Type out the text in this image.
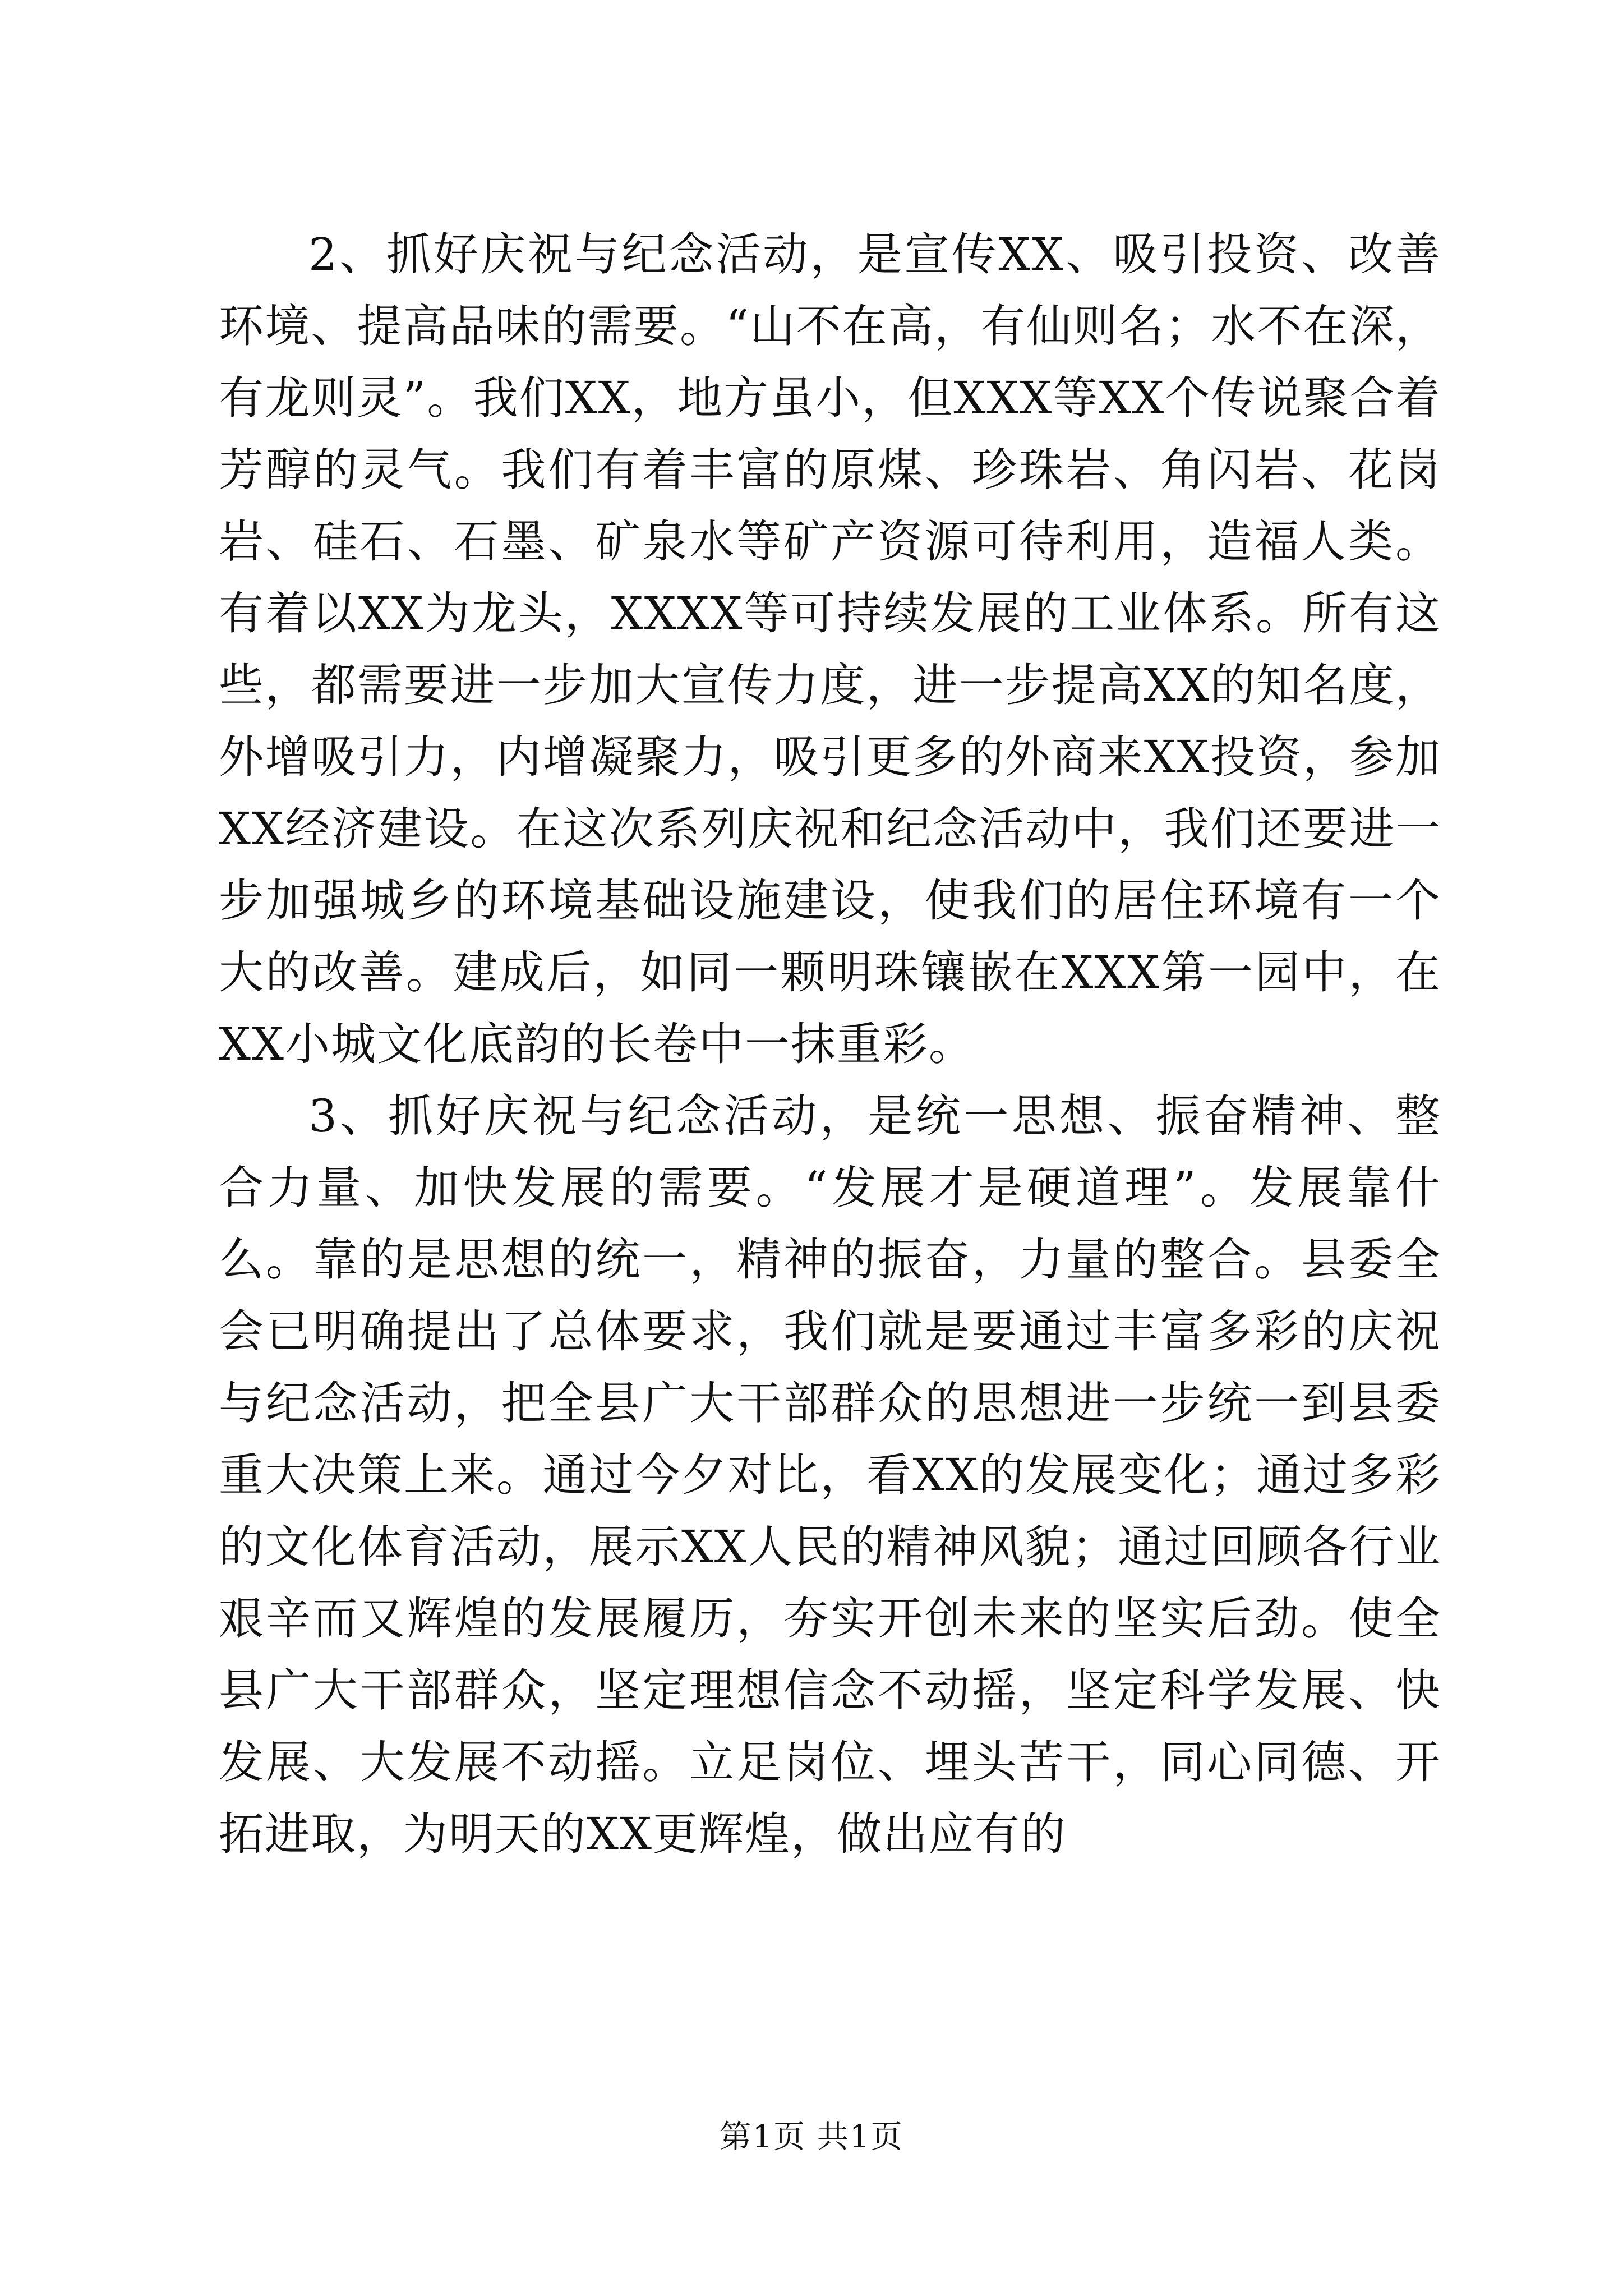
2、抓好庆祝与纪念活动，是宣传XX、吸引投资、改善环境、提高品味的需要。“山不在高，有仙则名；水不在深，有龙则灵”。我们XX，地方虽小，但XXX等XX个传说聚合着芳醇的灵气。我们有着丰富的原煤、珍珠岩、角闪岩、花岗岩、硅石、石墨、矿泉水等矿产资源可待利用，造福人类。有着以XX为龙头，XXXX等可持续发展的工业体系。所有这些，都需要进一步加大宣传力度，进一步提高XX的知名度，外增吸引力，内增凝聚力，吸引更多的外商来XX投资，参加XX经济建设。在这次系列庆祝和纪念活动中，我们还要进一步加强城乡的环境基础设施建设，使我们的居住环境有一个大的改善。建成后，如同一颗明珠镶嵌在XXX第一园中，在XX小城文化底韵的长卷中一抹重彩。

3、抓好庆祝与纪念活动，是统一思想、振奋精神、整合力量、加快发展的需要。“发展才是硬道理”。发展靠什么。靠的是思想的统一，精神的振奋，力量的整合。县委全会已明确提出了总体要求，我们就是要通过丰富多彩的庆祝与纪念活动，把全县广大干部群众的思想进一步统一到县委重大决策上来。通过今夕对比，看XX的发展变化；通过多彩的文化体育活动，展示XX人民的精神风貌；通过回顾各行业艰辛而又辉煌的发展履历，夯实开创未来的坚实后劲。使全县广大干部群众，坚定理想信念不动摇，坚定科学发展、快发展、大发展不动摇。立足岗位、埋头苦干，同心同德、开拓进取，为明天的XX更辉煌，做出应有的

第1页 共1页
